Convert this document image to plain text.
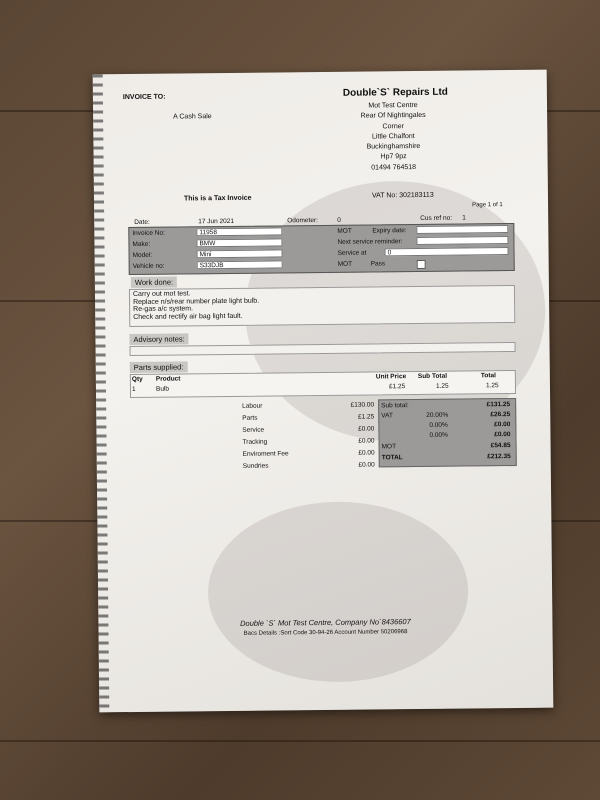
INVOICE TO:
A Cash Sale
Double`S` Repairs Ltd
Mot Test Centre
Rear Of Nightingales
Corner
Little Chalfont
Buckinghamshire
Hp7 9pz
01494 764518
This is a Tax Invoice	VAT No: 302183113
Page 1 of 1
Date:	17 Jun 2021	Odometer:	0	Cus ref no: 1
Invoice No:	11958
Make:	BMW
Model:	Mini
Vehicle no:	S33DJB
MOT	Expiry date:
Next service reminder:
Service at	0
MOT	Pass
Work done:
Carry out mot test.
Replace n/s/rear number plate light bulb.
Re-gas a/c system.
Check and rectify air bag light fault.
Advisory notes:
Parts supplied:
Qty Product	Unit Price Sub Total	Total
1	Bulb	£1.25	1.25	1.25
Labour	£130.00
Parts	£1.25
Service	£0.00
Tracking	£0.00
Enviroment Fee	£0.00
Sundries	£0.00
Sub total:	£131.25
VAT	20.00%	£26.25
0.00%	£0.00
0.00%	£0.00
MOT	£54.85
TOTAL	£212.35
Double `S` Mot Test Centre, Company No`8436607
Bacs Details :Sort Code 30-94-26 Account Number 50206968
